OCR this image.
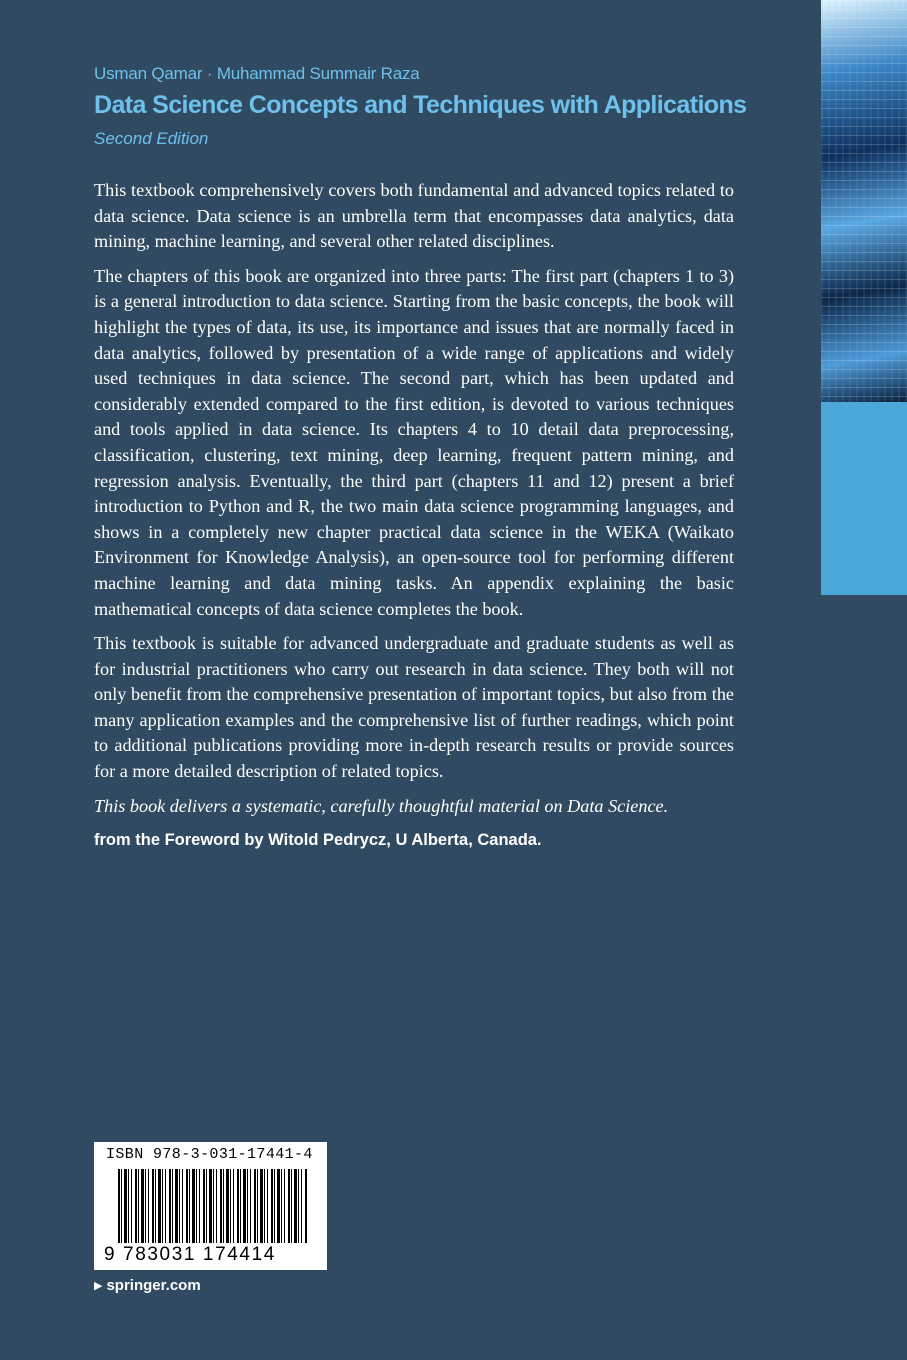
Usman Qamar · Muhammad Summair Raza
Data Science Concepts and Techniques with Applications
Second Edition

This textbook comprehensively covers both fundamental and advanced topics related to data science. Data science is an umbrella term that encompasses data analytics, data mining, machine learning, and several other related disciplines.

The chapters of this book are organized into three parts: The first part (chapters 1 to 3) is a general introduction to data science. Starting from the basic concepts, the book will highlight the types of data, its use, its importance and issues that are normally faced in data analytics, followed by presentation of a wide range of applications and widely used techniques in data science. The second part, which has been updated and considerably extended compared to the first edition, is devoted to various techniques and tools applied in data science. Its chapters 4 to 10 detail data preprocessing, classification, clustering, text mining, deep learning, frequent pattern mining, and regression analysis. Eventually, the third part (chapters 11 and 12) present a brief introduction to Python and R, the two main data science programming languages, and shows in a completely new chapter practical data science in the WEKA (Waikato Environment for Knowledge Analysis), an open-source tool for performing different machine learning and data mining tasks. An appendix explaining the basic mathematical concepts of data science completes the book.

This textbook is suitable for advanced undergraduate and graduate students as well as for industrial practitioners who carry out research in data science. They both will not only benefit from the comprehensive presentation of important topics, but also from the many application examples and the comprehensive list of further readings, which point to additional publications providing more in-depth research results or provide sources for a more detailed description of related topics.

This book delivers a systematic, carefully thoughtful material on Data Science.

from the Foreword by Witold Pedrycz, U Alberta, Canada.

ISBN 978-3-031-17441-4
9 783031 174414
▶ springer.com
